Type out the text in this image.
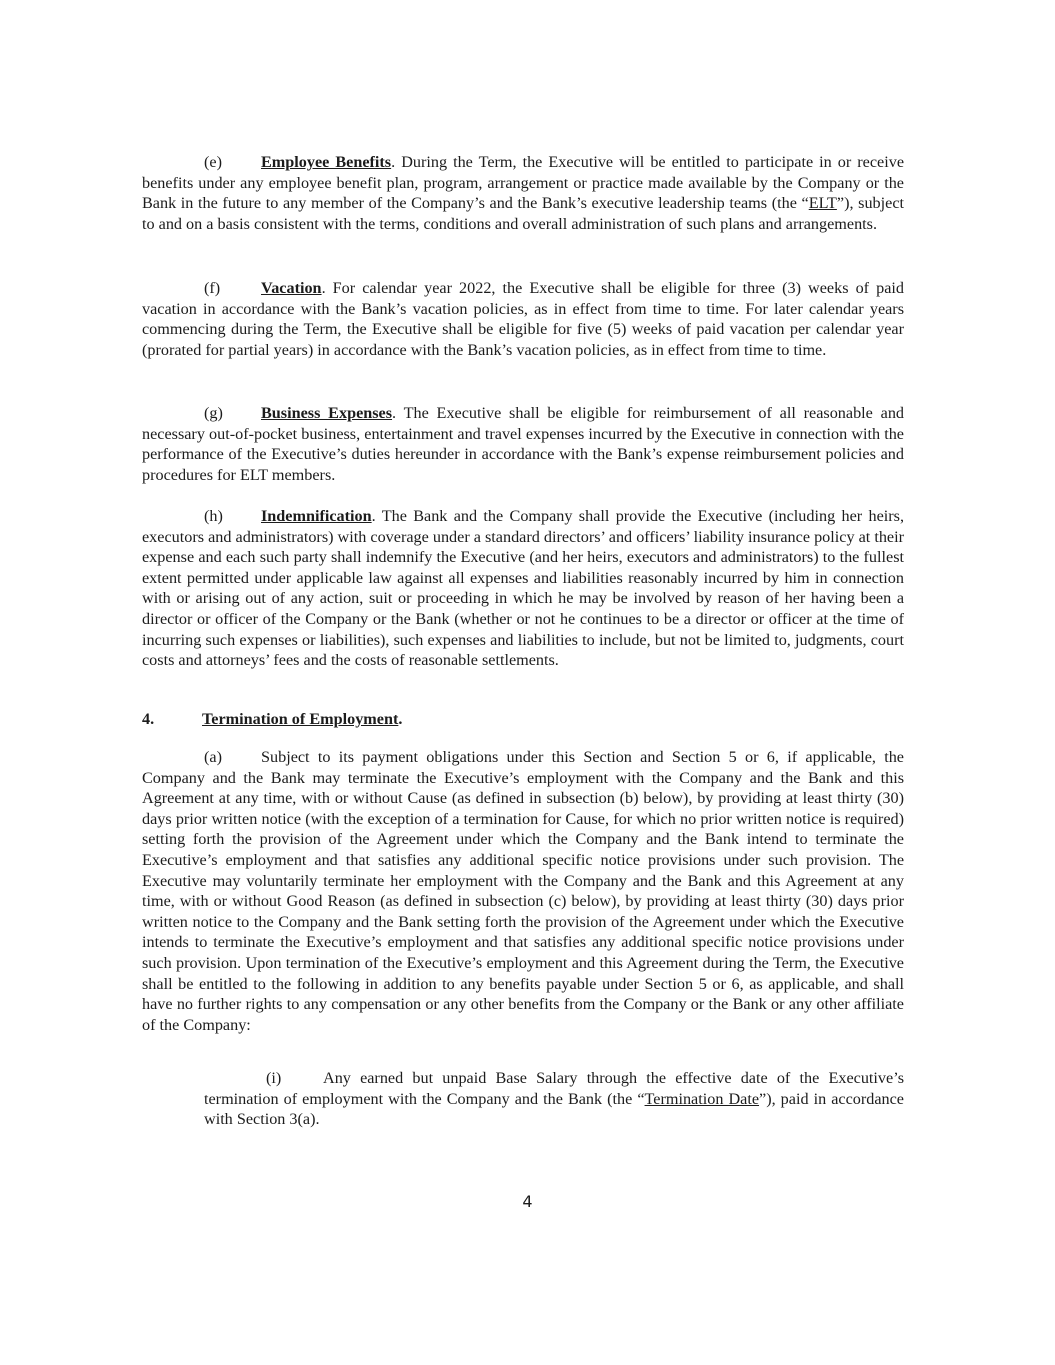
(e) Employee Benefits. During the Term, the Executive will be entitled to participate in or receive benefits under any employee benefit plan, program, arrangement or practice made available by the Company or the Bank in the future to any member of the Company’s and the Bank’s executive leadership teams (the “ELT”), subject to and on a basis consistent with the terms, conditions and overall administration of such plans and arrangements.

(f)	Vacation. For calendar year 2022, the Executive shall be eligible for three (3) weeks of paid vacation in accordance with the Bank’s vacation policies, as in effect from time to time. For later calendar years commencing during the Term, the Executive shall be eligible for five (5) weeks of paid vacation per calendar year (prorated for partial years) in accordance with the Bank’s vacation policies, as in effect from time to time.

(g) Business Expenses. The Executive shall be eligible for reimbursement of all reasonable and necessary out-of-pocket business, entertainment and travel expenses incurred by the Executive in connection with the performance of the Executive’s duties hereunder in accordance with the Bank’s expense reimbursement policies and procedures for ELT members.

(h) Indemnification. The Bank and the Company shall provide the Executive (including her heirs, executors and administrators) with coverage under a standard directors’ and officers’ liability insurance policy at their expense and each such party shall indemnify the Executive (and her heirs, executors and administrators) to the fullest extent permitted under applicable law against all expenses and liabilities reasonably incurred by him in connection with or arising out of any action, suit or proceeding in which he may be involved by reason of her having been a director or officer of the Company or the Bank (whether or not he continues to be a director or officer at the time of incurring such expenses or liabilities), such expenses and liabilities to include, but not be limited to, judgments, court costs and attorneys’ fees and the costs of reasonable settlements.

4.	Termination of Employment.

(a) Subject to its payment obligations under this Section and Section 5 or 6, if applicable, the Company and the Bank may terminate the Executive’s employment with the Company and the Bank and this Agreement at any time, with or without Cause (as defined in subsection (b) below), by providing at least thirty (30) days prior written notice (with the exception of a termination for Cause, for which no prior written notice is required) setting forth the provision of the Agreement under which the Company and the Bank intend to terminate the Executive’s employment and that satisfies any additional specific notice provisions under such provision. The Executive may voluntarily terminate her employment with the Company and the Bank and this Agreement at any time, with or without Good Reason (as defined in subsection (c) below), by providing at least thirty (30) days prior written notice to the Company and the Bank setting forth the provision of the Agreement under which the Executive intends to terminate the Executive’s employment and that satisfies any additional specific notice provisions under such provision. Upon termination of the Executive’s employment and this Agreement during the Term, the Executive shall be entitled to the following in addition to any benefits payable under Section 5 or 6, as applicable, and shall have no further rights to any compensation or any other benefits from the Company or the Bank or any other affiliate of the Company:

(i)	Any earned but unpaid Base Salary through the effective date of the Executive’s termination of employment with the Company and the Bank (the “Termination Date”), paid in accordance with Section 3(a).

4
